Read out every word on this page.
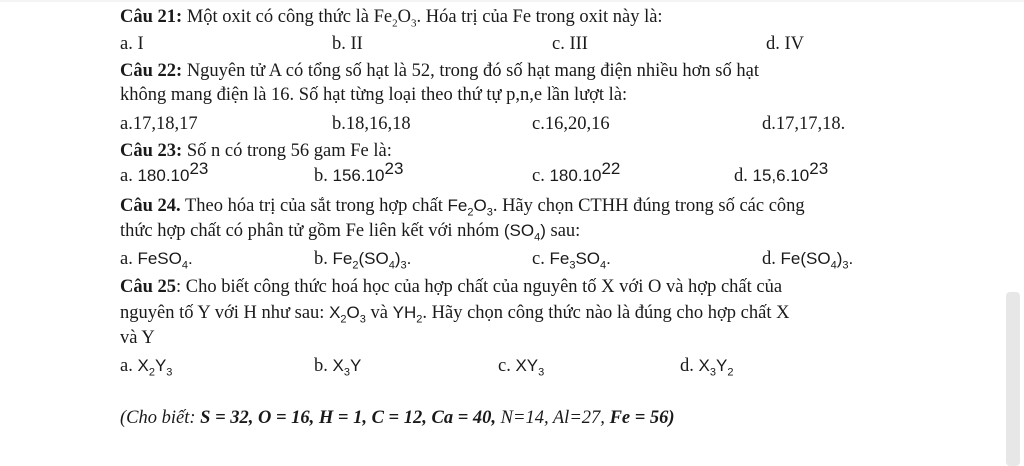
Câu 21: Một oxit có công thức là $Fe_2O_3$. Hóa trị của Fe trong oxit này là:
a. I	b. II	c. III	d. IV
Câu 22: Nguyên tử A có tổng số hạt là 52, trong đó số hạt mang điện nhiều hơn số hạt
không mang điện là 16. Số hạt từng loại theo thứ tự p,n,e lần lượt là:
a.17,18,17	b.18,16,18	c.16,20,16	d.17,17,18.
Câu 23: Số n có trong 56 gam Fe là:
a. 180.10$^{23}$	b. 156.10$^{23}$	c. 180.10$^{22}$	d. 15,6.10$^{23}$
Câu 24. Theo hóa trị của sắt trong hợp chất $Fe_2O_3$. Hãy chọn CTHH đúng trong số các công
thức hợp chất có phân tử gồm Fe liên kết với nhóm $(SO_4)$ sau:
a. FeSO$_4$.	b. $Fe_2(SO_4)_3$.	c. $Fe_3SO_4$.	d. $Fe(SO_4)_3$.
Câu 25: Cho biết công thức hoá học của hợp chất của nguyên tố X với O và hợp chất của
nguyên tố Y với H như sau: $X_2O_3$ và $YH_2$. Hãy chọn công thức nào là đúng cho hợp chất X
và Y
a. $X_2Y_3$	b. $X_3Y$	c. $XY_3$	d. $X_3Y_2$
(Cho biết: S = 32, O = 16, H = 1, C = 12, Ca = 40, N=14, Al=27, Fe = 56)
